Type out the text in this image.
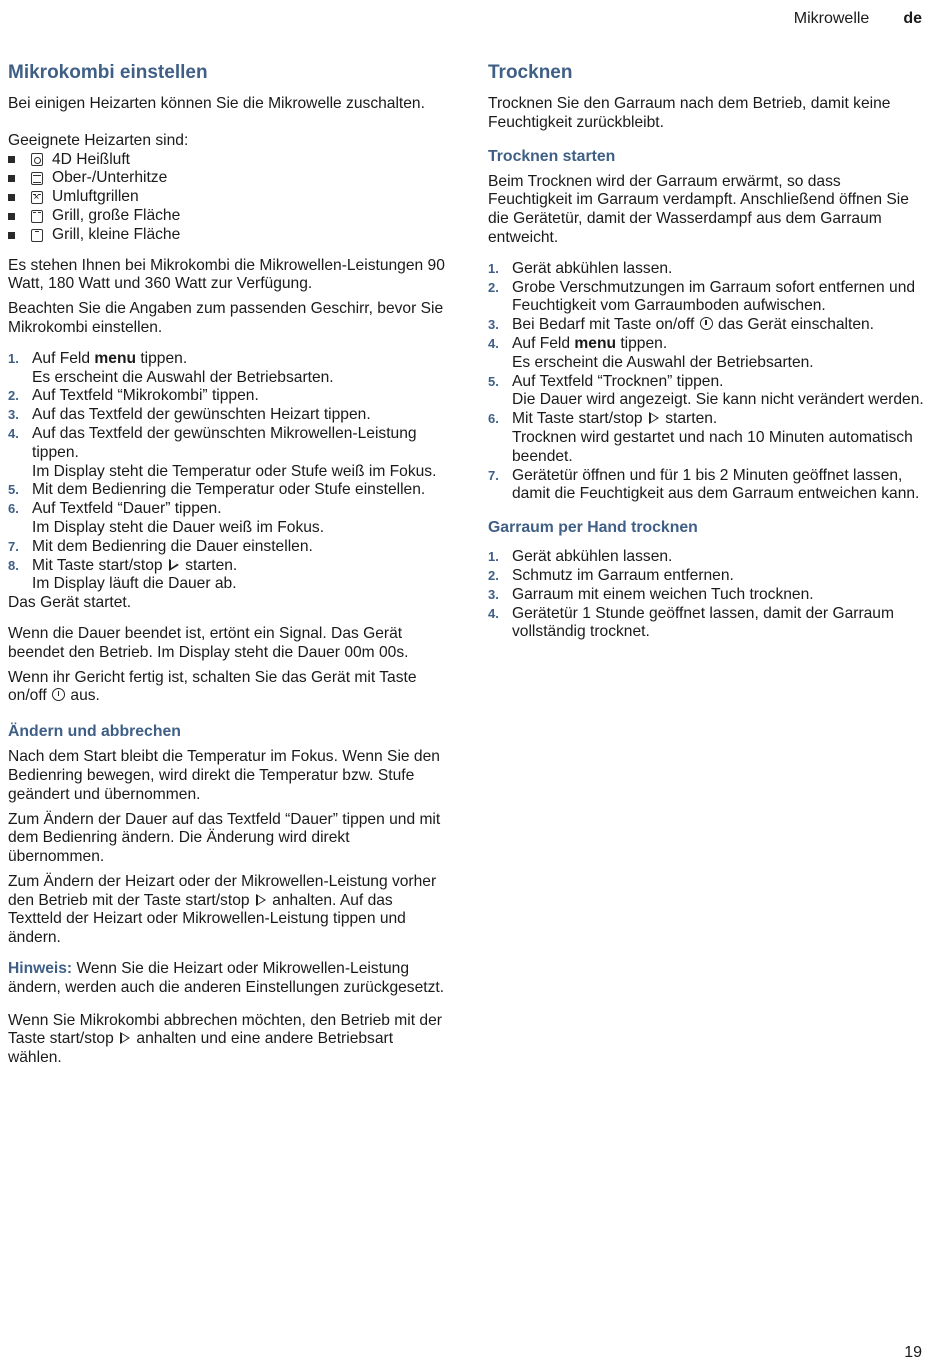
Mikrowelle de
Mikrokombi einstellen

Bei einigen Heizarten können Sie die Mikrowelle zuschalten.

Geeignete Heizarten sind:

4D Heißluft
Ober-/Unterhitze
×
Umluftgrillen
Grill, große Fläche
Grill, kleine Fläche

Es stehen Ihnen bei Mikrokombi die Mikrowellen-Leistungen 90 Watt, 180 Watt und 360 Watt zur Verfügung.

Beachten Sie die Angaben zum passenden Geschirr, bevor Sie Mikrokombi einstellen.

1. Auf Feld menu tippen.
Es erscheint die Auswahl der Betriebsarten.
2. Auf Textfeld “Mikrokombi” tippen.
3. Auf das Textfeld der gewünschten Heizart tippen.
4. Auf das Textfeld der gewünschten Mikrowellen-Leistung tippen.
Im Display steht die Temperatur oder Stufe weiß im Fokus.
5. Mit dem Bedienring die Temperatur oder Stufe einstellen.
6. Auf Textfeld “Dauer” tippen.
Im Display steht die Dauer weiß im Fokus.
7. Mit dem Bedienring die Dauer einstellen.
8. Mit Taste start/stop  starten.
Im Display läuft die Dauer ab.

Das Gerät startet.

Wenn die Dauer beendet ist, ertönt ein Signal. Das Gerät beendet den Betrieb. Im Display steht die Dauer 00m 00s.

Wenn ihr Gericht fertig ist, schalten Sie das Gerät mit Taste on/off  aus.

Ändern und abbrechen

Nach dem Start bleibt die Temperatur im Fokus. Wenn Sie den Bedienring bewegen, wird direkt die Temperatur bzw. Stufe geändert und übernommen.

Zum Ändern der Dauer auf das Textfeld “Dauer” tippen und mit dem Bedienring ändern. Die Änderung wird direkt übernommen.

Zum Ändern der Heizart oder der Mikrowellen-Leistung vorher den Betrieb mit der Taste start/stop  anhalten. Auf das Textteld der Heizart oder Mikrowellen-Leistung tippen und ändern.

Hinweis: Wenn Sie die Heizart oder Mikrowellen-Leistung ändern, werden auch die anderen Einstellungen zurückgesetzt.

Wenn Sie Mikrokombi abbrechen möchten, den Betrieb mit der Taste start/stop  anhalten und eine andere Betriebsart wählen.

Trocknen

Trocknen Sie den Garraum nach dem Betrieb, damit keine Feuchtigkeit zurückbleibt.

Trocknen starten

Beim Trocknen wird der Garraum erwärmt, so dass Feuchtigkeit im Garraum verdampft. Anschließend öffnen Sie die Gerätetür, damit der Wasserdampf aus dem Garraum entweicht.

1. Gerät abkühlen lassen.
2. Grobe Verschmutzungen im Garraum sofort entfernen und Feuchtigkeit vom Garraumboden aufwischen.
3. Bei Bedarf mit Taste on/off  das Gerät einschalten.
4. Auf Feld menu tippen.
Es erscheint die Auswahl der Betriebsarten.
5. Auf Textfeld “Trocknen” tippen.
Die Dauer wird angezeigt. Sie kann nicht verändert werden.
6. Mit Taste start/stop  starten.
Trocknen wird gestartet und nach 10 Minuten automatisch beendet.
7. Gerätetür öffnen und für 1 bis 2 Minuten geöffnet lassen, damit die Feuchtigkeit aus dem Garraum entweichen kann.
Garraum per Hand trocknen
1. Gerät abkühlen lassen.
2. Schmutz im Garraum entfernen.
3. Garraum mit einem weichen Tuch trocknen.
4. Gerätetür 1 Stunde geöffnet lassen, damit der Garraum vollständig trocknet.
19
